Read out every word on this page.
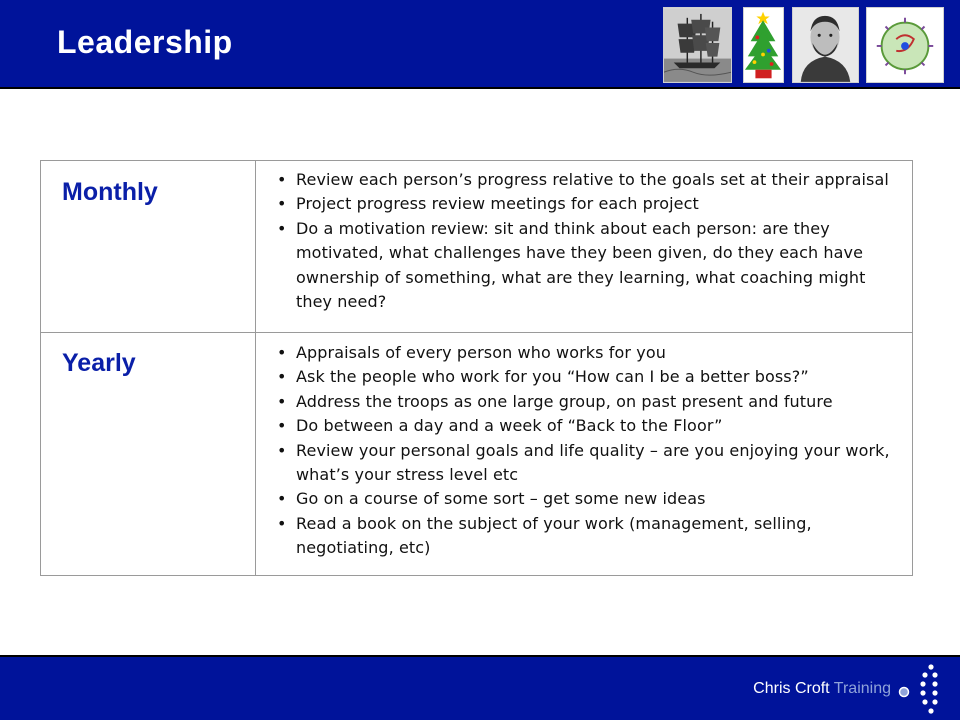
Leadership
Monthly	• Review each person’s progress relative to the goals set at their appraisal
• Project progress review meetings for each project
• Do a motivation review: sit and think about each person: are they motivated, what challenges have they been given, do they each have ownership of something, what are they learning, what coaching might they need?
Yearly	• Appraisals of every person who works for you
• Ask the people who work for you “How can I be a better boss?”
• Address the troops as one large group, on past present and future
• Do between a day and a week of “Back to the Floor”
• Review your personal goals and life quality – are you enjoying your work, what’s your stress level etc
• Go on a course of some sort – get some new ideas
• Read a book on the subject of your work (management, selling, negotiating, etc)
Chris Croft Training
